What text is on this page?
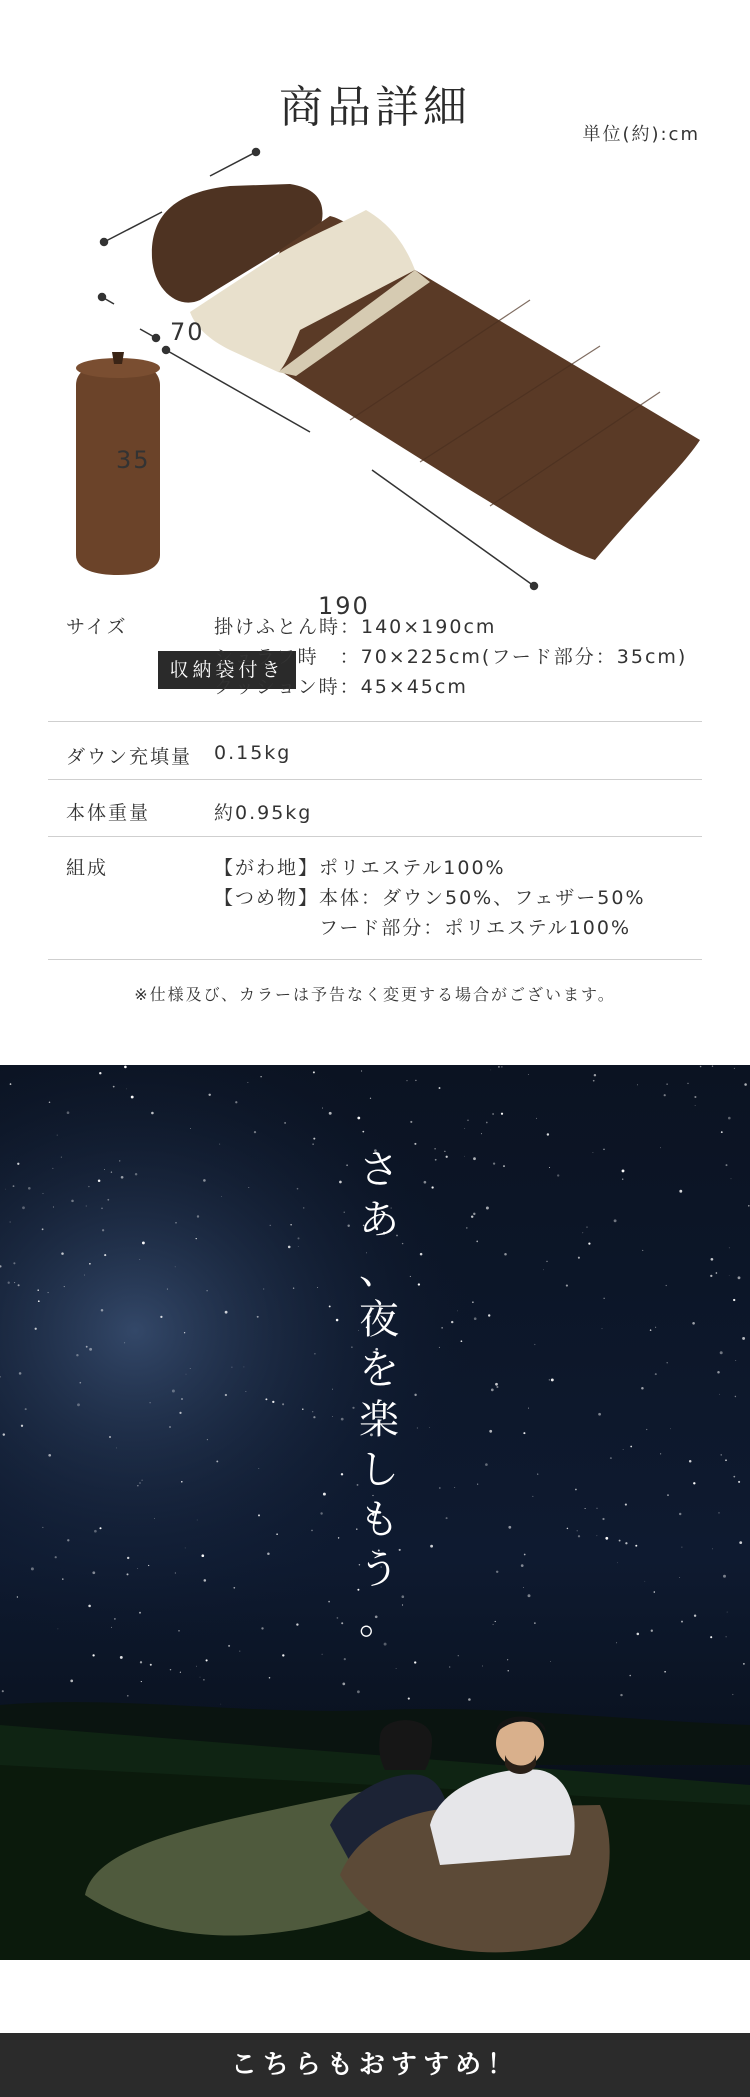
商品詳細
単位(約):cm
70
35
190
収納袋付き
サイズ	掛けふとん時：140×190cm
シュラフ時　：70×225cm(フード部分：35cm)
クッション時：45×45cm
ダウン充填量 0.15kg
本体重量	約0.95kg
組成	【がわ地】ポリエステル100%
【つめ物】本体：ダウン50%、フェザー50%
　　　　　フード部分：ポリエステル100%
※仕様及び、カラーは予告なく変更する場合がございます。
さ
あ
、
夜
を
楽
し
も
う
。
こちらもおすすめ！
